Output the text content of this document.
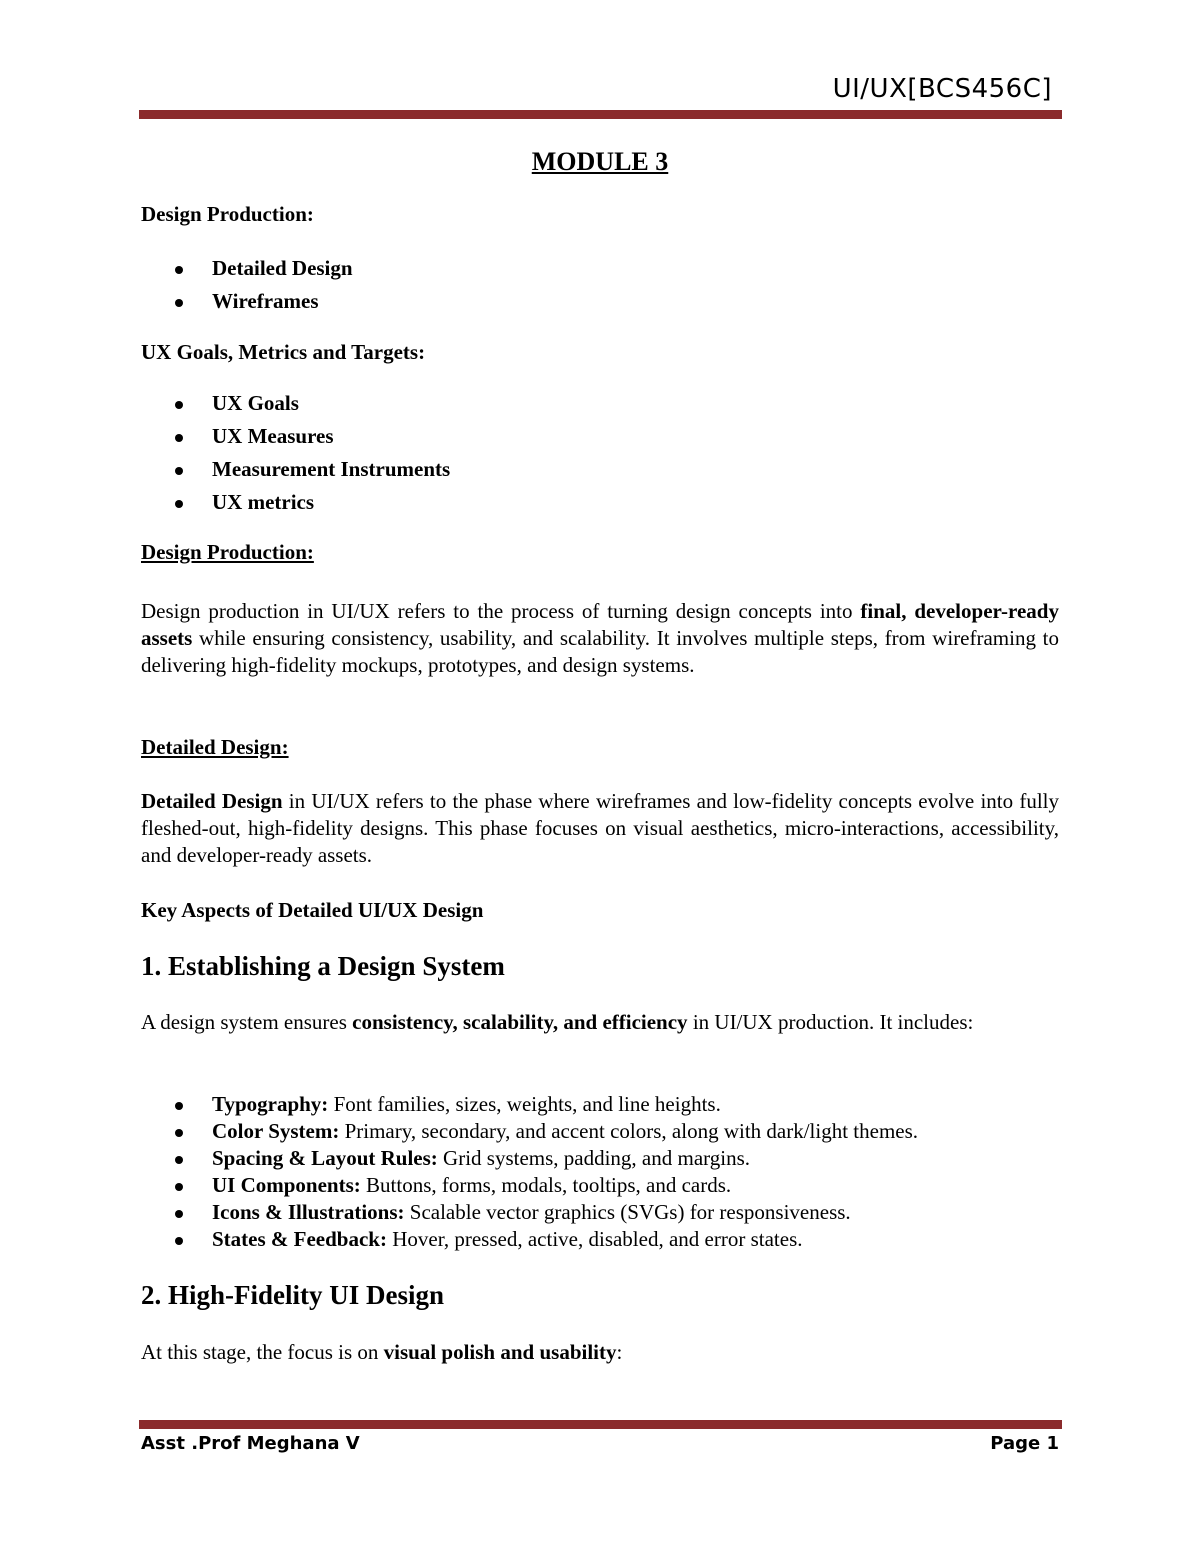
UI/UX[BCS456C]
MODULE 3
Design Production:
Detailed Design
Wireframes
UX Goals, Metrics and Targets:
UX Goals
UX Measures
Measurement Instruments
UX metrics
Design Production:
Design production in UI/UX refers to the process of turning design concepts into final, developer-ready assets while ensuring consistency, usability, and scalability. It involves multiple steps, from wireframing to delivering high-fidelity mockups, prototypes, and design systems.
Detailed Design:
Detailed Design in UI/UX refers to the phase where wireframes and low-fidelity concepts evolve into fully fleshed-out, high-fidelity designs. This phase focuses on visual aesthetics, micro-interactions, accessibility, and developer-ready assets.
Key Aspects of Detailed UI/UX Design
1. Establishing a Design System
A design system ensures consistency, scalability, and efficiency in UI/UX production. It includes:
Typography: Font families, sizes, weights, and line heights.
Color System: Primary, secondary, and accent colors, along with dark/light themes.
Spacing & Layout Rules: Grid systems, padding, and margins.
UI Components: Buttons, forms, modals, tooltips, and cards.
Icons & Illustrations: Scalable vector graphics (SVGs) for responsiveness.
States & Feedback: Hover, pressed, active, disabled, and error states.
2. High-Fidelity UI Design
At this stage, the focus is on visual polish and usability:
Asst .Prof Meghana V	Page 1
